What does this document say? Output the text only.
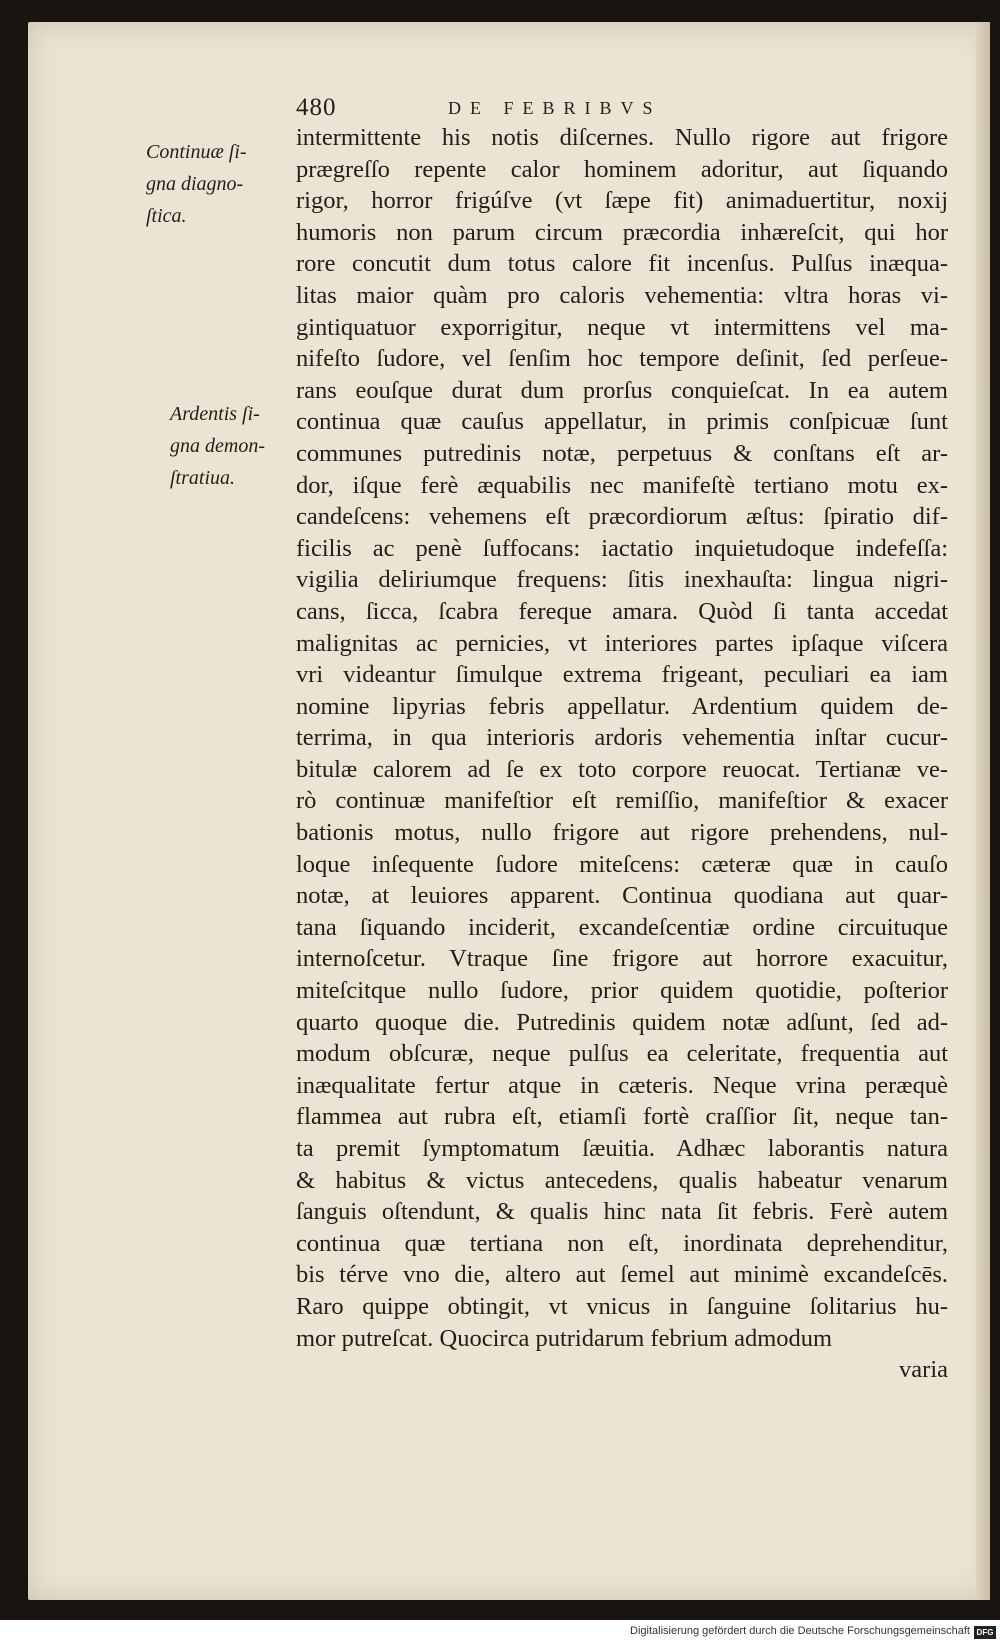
480	DE FEBRIBVS
Continuæ ſi-
gna diagno-
ſtica.
Ardentis ſi-
gna demon-
ſtratiua.
intermittente his notis diſcernes. Nullo rigore aut frigore
prægreſſo repente calor hominem adoritur, aut ſiquando
rigor, horror frigúſve (vt ſæpe fit) animaduertitur, noxij
humoris non parum circum præcordia inhæreſcit, qui hor
rore concutit dum totus calore fit incenſus. Pulſus inæqua-
litas maior quàm pro caloris vehementia: vltra horas vi-
gintiquatuor exporrigitur, neque vt intermittens vel ma-
nifeſto ſudore, vel ſenſim hoc tempore deſinit, ſed perſeue-
rans eouſque durat dum prorſus conquieſcat. In ea autem
continua quæ cauſus appellatur, in primis conſpicuæ ſunt
communes putredinis notæ, perpetuus & conſtans eſt ar-
dor, iſque ferè æquabilis nec manifeſtè tertiano motu ex-
candeſcens: vehemens eſt præcordiorum æſtus: ſpiratio dif-
ficilis ac penè ſuffocans: iactatio inquietudoque indefeſſa:
vigilia deliriumque frequens: ſitis inexhauſta: lingua nigri-
cans, ſicca, ſcabra fereque amara. Quòd ſi tanta accedat
malignitas ac pernicies, vt interiores partes ipſaque viſcera
vri videantur ſimulque extrema frigeant, peculiari ea iam
nomine lipyrias febris appellatur. Ardentium quidem de-
terrima, in qua interioris ardoris vehementia inſtar cucur-
bitulæ calorem ad ſe ex toto corpore reuocat. Tertianæ ve-
rò continuæ manifeſtior eſt remiſſio, manifeſtior & exacer
bationis motus, nullo frigore aut rigore prehendens, nul-
loque inſequente ſudore miteſcens: cæteræ quæ in cauſo
notæ, at leuiores apparent. Continua quodiana aut quar-
tana ſiquando inciderit, excandeſcentiæ ordine circuituque
internoſcetur. Vtraque ſine frigore aut horrore exacuitur,
miteſcitque nullo ſudore, prior quidem quotidie, poſterior
quarto quoque die. Putredinis quidem notæ adſunt, ſed ad-
modum obſcuræ, neque pulſus ea celeritate, frequentia aut
inæqualitate fertur atque in cæteris. Neque vrina peræquè
flammea aut rubra eſt, etiamſi fortè craſſior ſit, neque tan-
ta premit ſymptomatum ſæuitia. Adhæc laborantis natura
& habitus & victus antecedens, qualis habeatur venarum
ſanguis oſtendunt, & qualis hinc nata ſit febris. Ferè autem
continua quæ tertiana non eſt, inordinata deprehenditur,
bis térve vno die, altero aut ſemel aut minimè excandeſcēs.
Raro quippe obtingit, vt vnicus in ſanguine ſolitarius hu-
mor putreſcat. Quocirca putridarum febrium admodum
varia
Digitalisierung gefördert durch die Deutsche Forschungsgemeinschaft DFG
